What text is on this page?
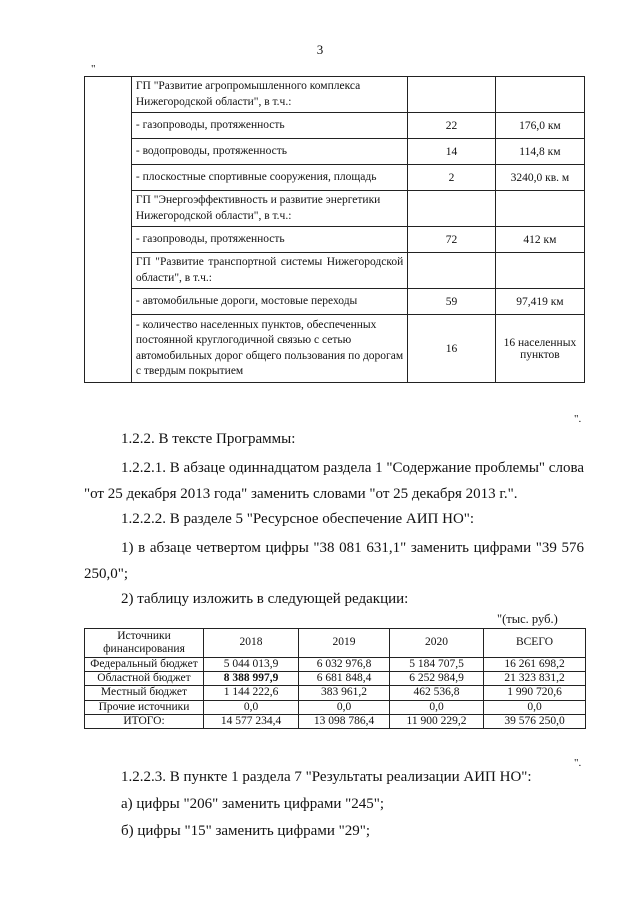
3
"
	ГП "Развитие агропромышленного комплекса Нижегородской области", в т.ч.:		
	- газопроводы, протяженность	22	176,0 км
	- водопроводы, протяженность	14	114,8 км
	- плоскостные спортивные сооружения, площадь	2	3240,0 кв. м
	ГП "Энергоэффективность и развитие энергетики Нижегородской области", в т.ч.:		
	- газопроводы, протяженность	72	412 км
	ГП "Развитие транспортной системы Нижегородской области", в т.ч.:		
	- автомобильные дороги, мостовые переходы	59	97,419 км
	- количество населенных пунктов, обеспеченных постоянной круглогодичной связью с сетью автомобильных дорог общего пользования по дорогам с твердым покрытием	16	16 населенных пунктов
".
1.2.2. В тексте Программы:
1.2.2.1. В абзаце одиннадцатом раздела 1 "Содержание проблемы" слова "от 25 декабря 2013 года" заменить словами "от 25 декабря 2013 г.".
1.2.2.2. В разделе 5 "Ресурсное обеспечение АИП НО":
1) в абзаце четвертом цифры "38 081 631,1" заменить цифрами "39 576 250,0";
2) таблицу изложить в следующей редакции:
"(тыс. руб.)
Источники финансирования	2018	2019	2020	ВСЕГО
Федеральный бюджет	5 044 013,9	6 032 976,8	5 184 707,5	16 261 698,2
Областной бюджет	8 388 997,9	6 681 848,4	6 252 984,9	21 323 831,2
Местный бюджет	1 144 222,6	383 961,2	462 536,8	1 990 720,6
Прочие источники	0,0	0,0	0,0	0,0
ИТОГО:	14 577 234,4	13 098 786,4	11 900 229,2	39 576 250,0
".
1.2.2.3. В пункте 1 раздела 7 "Результаты реализации АИП НО":
а) цифры "206" заменить цифрами "245";
б) цифры "15" заменить цифрами "29";
